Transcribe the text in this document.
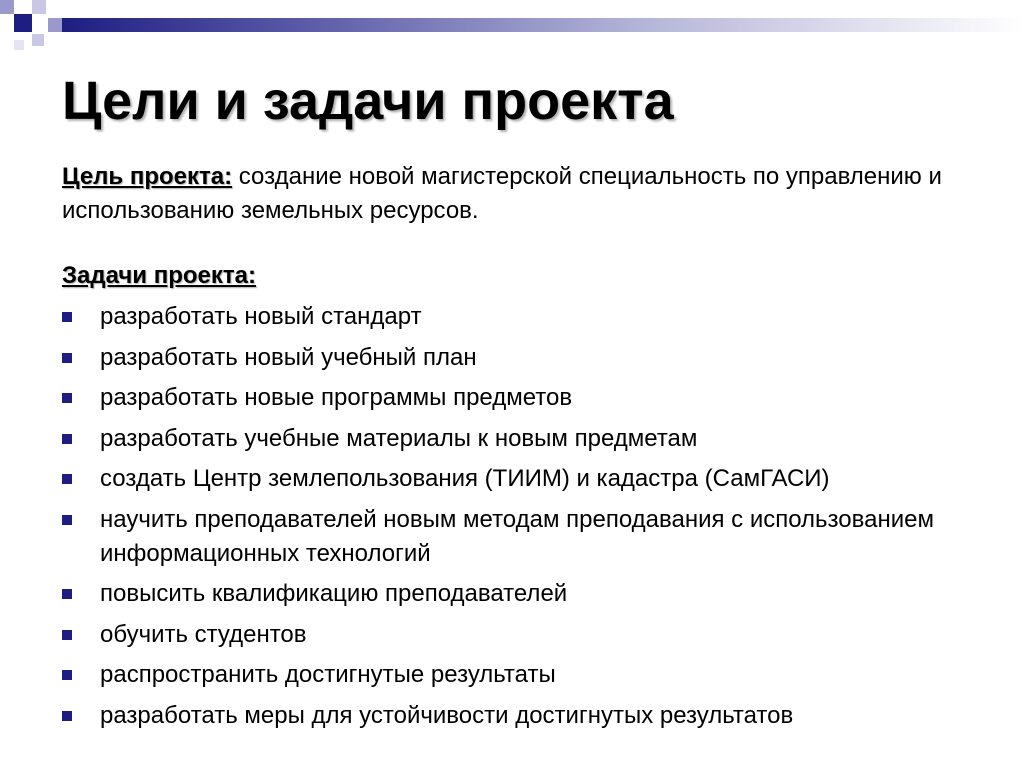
Цели и задачи проекта

Цель проекта: создание новой магистерской специальность по управлению и использованию земельных ресурсов.

Задачи проекта:

разработать новый стандарт
разработать новый учебный план
разработать новые программы предметов
разработать учебные материалы к новым предметам
создать Центр землепользования (ТИИМ) и кадастра (СамГАСИ)
научить преподавателей новым методам преподавания с использованием информационных технологий
повысить квалификацию преподавателей
обучить студентов
распространить достигнутые результаты
разработать меры для устойчивости достигнутых результатов
